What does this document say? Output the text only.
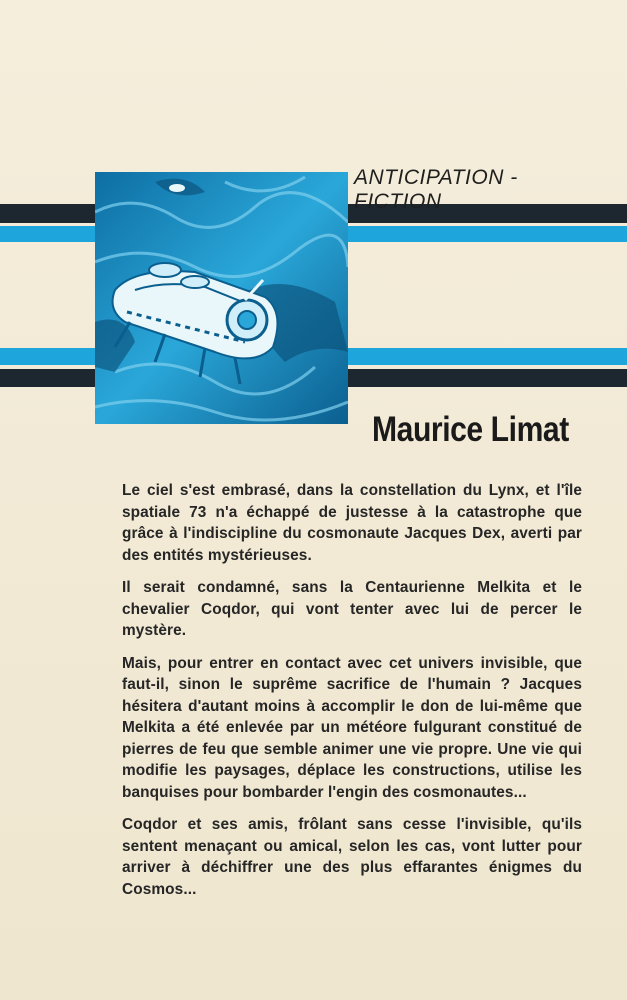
ANTICIPATION - FICTION
Maurice Limat

Le ciel s'est embrasé, dans la constellation du Lynx, et l'île spatiale 73 n'a échappé de justesse à la catastrophe que grâce à l'indiscipline du cosmonaute Jacques Dex, averti par des entités mystérieuses.

Il serait condamné, sans la Centaurienne Melkita et le chevalier Coqdor, qui vont tenter avec lui de percer le mystère.

Mais, pour entrer en contact avec cet univers invisible, que faut-il, sinon le suprême sacrifice de l'humain ? Jacques hésitera d'autant moins à accomplir le don de lui-même que Melkita a été enlevée par un météore fulgurant constitué de pierres de feu que semble animer une vie propre. Une vie qui modifie les paysages, déplace les constructions, utilise les banquises pour bombarder l'engin des cosmonautes...

Coqdor et ses amis, frôlant sans cesse l'invisible, qu'ils sentent menaçant ou amical, selon les cas, vont lutter pour arriver à déchiffrer une des plus effarantes énigmes du Cosmos...
